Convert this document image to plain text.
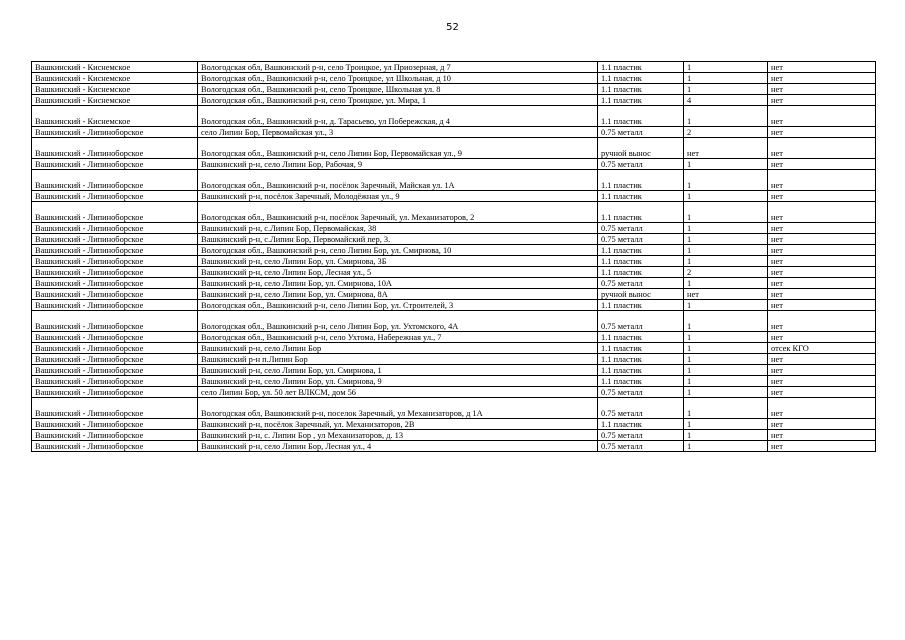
52
Вашкинский - Киснемское	Вологодская обл, Вашкинский р-н, село Троицкое, ул Приозерная, д 7	1.1 пластик	1	нет
Вашкинский - Киснемское	Вологодская обл., Вашкинский р-н, село Троицкое, ул Школьная, д 10	1.1 пластик	1	нет
Вашкинский - Киснемское	Вологодская обл., Вашкинский р-н, село Троицкое, Школьная ул. 8	1.1 пластик	1	нет
Вашкинский - Киснемское	Вологодская обл., Вашкинский р-н, село Троицкое, ул. Мира, 1	1.1 пластик	4	нет
Вашкинский - Киснемское	Вологодская обл., Вашкинский р-н, д. Тарасьево, ул Побережская, д 4	1.1 пластик	1	нет
Вашкинский - Липиноборское	село Липин Бор, Первомайская ул., 3	0.75 металл	2	нет
Вашкинский - Липиноборское	Вологодская обл., Вашкинский р-н, село Липин Бор, Первомайская ул., 9	ручной вынос	нет	нет
Вашкинский - Липиноборское	Вашкинский р-н, село Липин Бор, Рабочая, 9	0.75 металл	1	нет
Вашкинский - Липиноборское	Вологодская обл., Вашкинский р-н, посёлок Заречный, Майская ул. 1А	1.1 пластик	1	нет
Вашкинский - Липиноборское	Вашкинский р-н, посёлок Заречный, Молодёжная ул., 9	1.1 пластик	1	нет
Вашкинский - Липиноборское	Вологодская обл., Вашкинский р-н, посёлок Заречный, ул. Механизаторов, 2	1.1 пластик	1	нет
Вашкинский - Липиноборское	Вашкинский р-н, с.Липин Бор, Первомайская, 38	0.75 металл	1	нет
Вашкинский - Липиноборское	Вашкинский р-н, с.Липин Бор, Первомайский пер, 3.	0.75 металл	1	нет
Вашкинский - Липиноборское	Вологодская обл., Вашкинский р-н, село Липин Бор, ул. Смирнова, 10	1.1 пластик	1	нет
Вашкинский - Липиноборское	Вашкинский р-н, село Липин Бор, ул. Смирнова, 3Б	1.1 пластик	1	нет
Вашкинский - Липиноборское	Вашкинский р-н, село Липин Бор, Лесная ул., 5	1.1 пластик	2	нет
Вашкинский - Липиноборское	Вашкинский р-н, село Липин Бор, ул. Смирнова, 10А	0.75 металл	1	нет
Вашкинский - Липиноборское	Вашкинский р-н, село Липин Бор, ул. Смирнова, 8А	ручной вынос	нет	нет
Вашкинский - Липиноборское	Вологодская обл., Вашкинский р-н, село Липин Бор, ул. Строителей, 3	1.1 пластик	1	нет
Вашкинский - Липиноборское	Вологодская обл., Вашкинский р-н, село Липин Бор, ул. Ухтомского, 4А	0.75 металл	1	нет
Вашкинский - Липиноборское	Вологодская обл., Вашкинский р-н, село Ухтома, Набережная ул., 7	1.1 пластик	1	нет
Вашкинский - Липиноборское	Вашкинский р-н, село Липин Бор	1.1 пластик	1	отсек КГО
Вашкинский - Липиноборское	Вашкинский р-н п.Липин Бор	1.1 пластик	1	нет
Вашкинский - Липиноборское	Вашкинский р-н, село Липин Бор, ул. Смирнова, 1	1.1 пластик	1	нет
Вашкинский - Липиноборское	Вашкинский р-н, село Липин Бор, ул. Смирнова, 9	1.1 пластик	1	нет
Вашкинский - Липиноборское	село Липин Бор, ул. 50 лет ВЛКСМ, дом 56	0.75 металл	1	нет
Вашкинский - Липиноборское	Вологодская обл, Вашкинский р-н, поселок Заречный, ул Механизаторов, д 1А	0.75 металл	1	нет
Вашкинский - Липиноборское	Вашкинский р-н, посёлок Заречный, ул. Механизаторов, 2В	1.1 пластик	1	нет
Вашкинский - Липиноборское	Вашкинский р-н, с. Липин Бор , ул Механизаторов, д. 13	0.75 металл	1	нет
Вашкинский - Липиноборское	Вашкинский р-н, село Липин Бор, Лесная ул., 4	0.75 металл	1	нет
